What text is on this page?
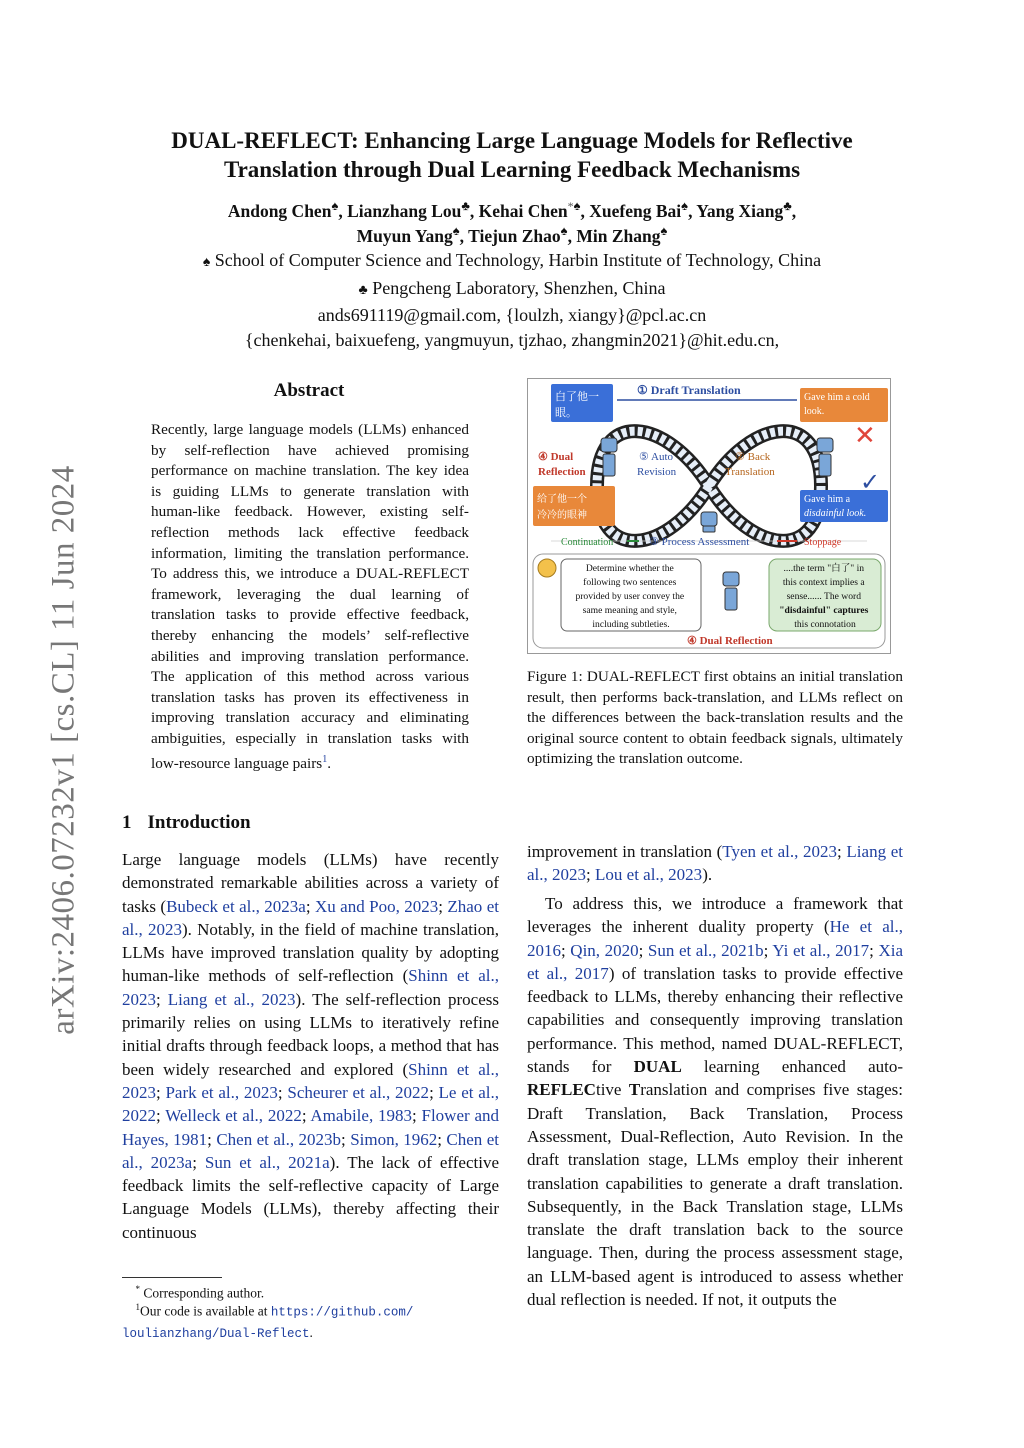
DUAL-REFLECT: Enhancing Large Language Models for Reflective
Translation through Dual Learning Feedback Mechanisms
Andong Chen♠, Lianzhang Lou♣, Kehai Chen*♠, Xuefeng Bai♠, Yang Xiang♣,
Muyun Yang♠, Tiejun Zhao♠, Min Zhang♠
♠ School of Computer Science and Technology, Harbin Institute of Technology, China
♣ Pengcheng Laboratory, Shenzhen, China
ands691119@gmail.com, {loulzh, xiangy}@pcl.ac.cn
{chenkehai, baixuefeng, yangmuyun, tjzhao, zhangmin2021}@hit.edu.cn,
arXiv:2406.07232v1 [cs.CL] 11 Jun 2024
Abstract
Recently, large language models (LLMs) enhanced by self-reflection have achieved promising performance on machine translation. The key idea is guiding LLMs to generate translation with human-like feedback. However, existing self-reflection methods lack effective feedback information, limiting the translation performance. To address this, we introduce a DUAL-REFLECT framework, leveraging the dual learning of translation tasks to provide effective feedback, thereby enhancing the models’ self-reflective abilities and improving translation performance. The application of this method across various translation tasks has proven its effectiveness in improving translation accuracy and eliminating ambiguities, especially in translation tasks with low-resource language pairs$^1$.
1 Introduction

Large language models (LLMs) have recently demonstrated remarkable abilities across a variety of tasks (Bubeck et al., 2023a; Xu and Poo, 2023; Zhao et al., 2023). Notably, in the field of machine translation, LLMs have improved translation quality by adopting human-like methods of self-reflection (Shinn et al., 2023; Liang et al., 2023). The self-reflection process primarily relies on using LLMs to iteratively refine initial drafts through feedback loops, a method that has been widely researched and explored (Shinn et al., 2023; Park et al., 2023; Scheurer et al., 2022; Le et al., 2022; Welleck et al., 2022; Amabile, 1983; Flower and Hayes, 1981; Chen et al., 2023b; Simon, 1962; Chen et al., 2023a; Sun et al., 2021a). The lack of effective feedback limits the self-reflective capacity of Large Language Models (LLMs), thereby affecting their continuous

* Corresponding author.
$^1$Our code is available at https://github.com/
loulianzhang/Dual-Reflect.
① Draft Translation
白了他一
眼。
Gave him a cold
look.
✕
④ Dual
Reflection
⑤ Auto
Revision
② Back
Translation
给了他一个
冷冷的眼神
Gave him a
disdainful look.
✓
Continuation	③ Process Assessment	Stoppage
Determine whether the following two sentences provided by user convey the same meaning and style, including subtleties.
....the term "白了" in this context implies a sense...... The word "disdainful" captures this connotation
④ Dual Reflection
Figure 1: DUAL-REFLECT first obtains an initial translation result, then performs back-translation, and LLMs reflect on the differences between the back-translation results and the original source content to obtain feedback signals, ultimately optimizing the translation outcome.

improvement in translation (Tyen et al., 2023; Liang et al., 2023; Lou et al., 2023).

To address this, we introduce a framework that leverages the inherent duality property (He et al., 2016; Qin, 2020; Sun et al., 2021b; Yi et al., 2017; Xia et al., 2017) of translation tasks to provide effective feedback to LLMs, thereby enhancing their reflective capabilities and consequently improving translation performance. This method, named DUAL-REFLECT, stands for DUAL learning enhanced auto-REFLECtive Translation and comprises five stages: Draft Translation, Back Translation, Process Assessment, Dual-Reflection, Auto Revision. In the draft translation stage, LLMs employ their inherent translation capabilities to generate a draft translation. Subsequently, in the Back Translation stage, LLMs translate the draft translation back to the source language. Then, during the process assessment stage, an LLM-based agent is introduced to assess whether dual reflection is needed. If not, it outputs the
